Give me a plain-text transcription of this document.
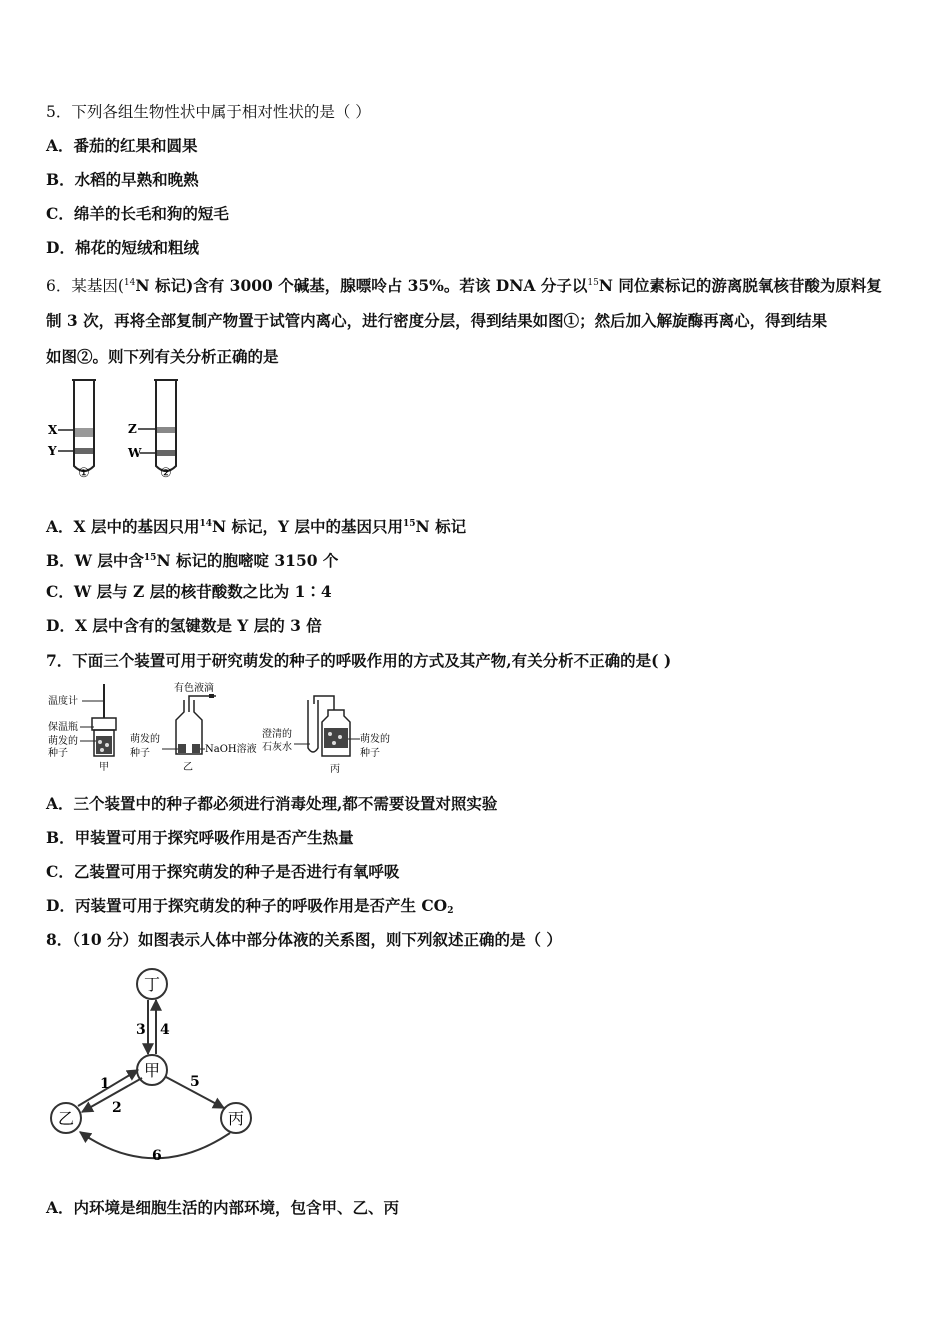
5．下列各组生物性状中属于相对性状的是（ ）
A．番茄的红果和圆果
B．水稻的早熟和晚熟
C．绵羊的长毛和狗的短毛
D．棉花的短绒和粗绒
6．某基因($^{14}$N 标记)含有 3000 个碱基，腺嘌呤占 35%。若该 DNA 分子以$^{15}$N 同位素标记的游离脱氧核苷酸为原料复
制 3 次，再将全部复制产物置于试管内离心，进行密度分层，得到结果如图①；然后加入解旋酶再离心，得到结果
如图②。则下列有关分析正确的是
X
Y
①
Z
W
②
A．X 层中的基因只用$^{14}$N 标记，Y 层中的基因只用$^{15}$N 标记
B．W 层中含$^{15}$N 标记的胞嘧啶 3150 个
C．W 层与 Z 层的核苷酸数之比为 1∶4
D．X 层中含有的氢键数是 Y 层的 3 倍
7．下面三个装置可用于研究萌发的种子的呼吸作用的方式及其产物,有关分析不正确的是( )
温度计
保温瓶
萌发的
种子
甲
有色液滴
萌发的
种子	NaOH溶液
乙
澄清的
石灰水
萌发的
种子
丙
A．三个装置中的种子都必须进行消毒处理,都不需要设置对照实验
B．甲装置可用于探究呼吸作用是否产生热量
C．乙装置可用于探究萌发的种子是否进行有氧呼吸
D．丙装置可用于探究萌发的种子的呼吸作用是否产生 $CO_2$
8．（10 分）如图表示人体中部分体液的关系图，则下列叙述正确的是（ ）
丁
甲
乙	丙
3 4
1
2
5
6
A．内环境是细胞生活的内部环境，包含甲、乙、丙
